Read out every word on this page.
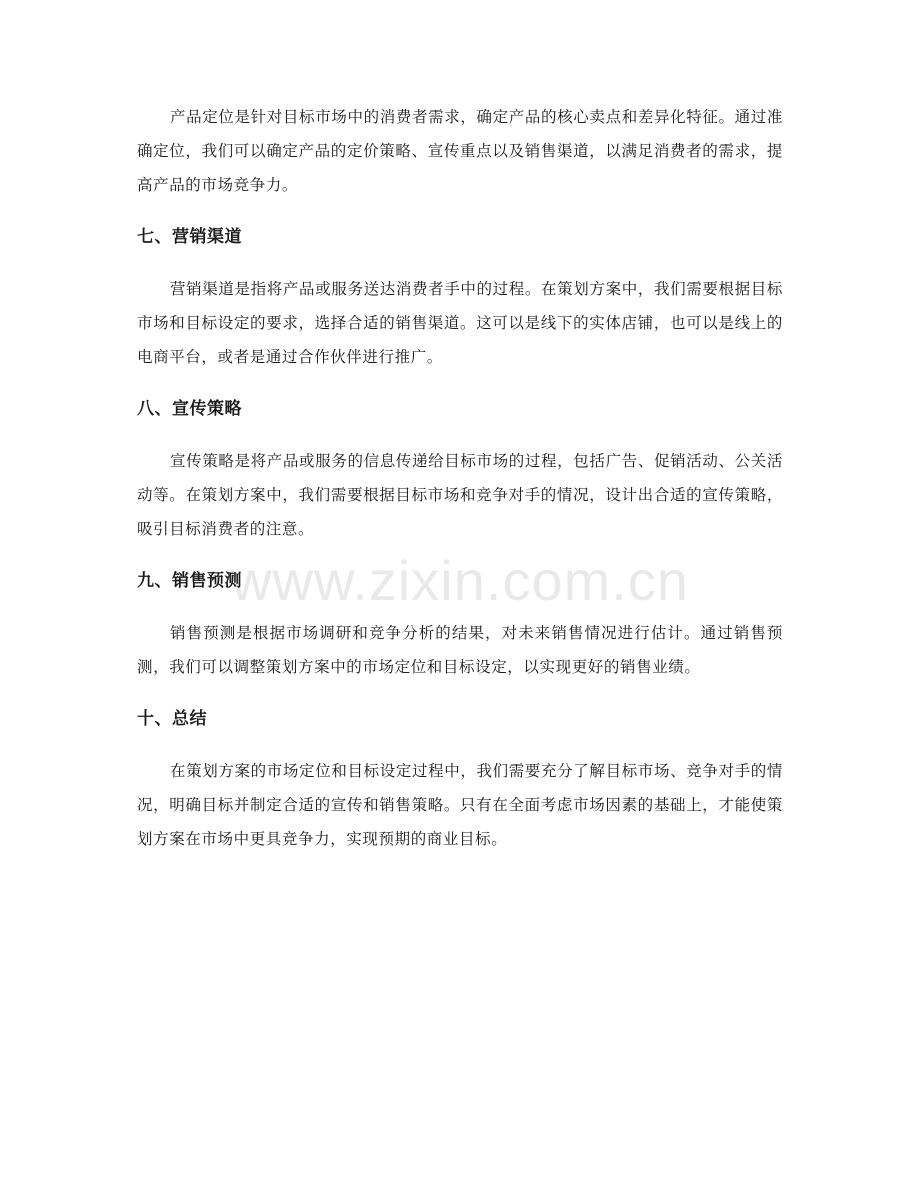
产品定位是针对目标市场中的消费者需求，确定产品的核心卖点和差异化特征。通过准确定位，我们可以确定产品的定价策略、宣传重点以及销售渠道，以满足消费者的需求，提高产品的市场竞争力。

七、营销渠道

营销渠道是指将产品或服务送达消费者手中的过程。在策划方案中，我们需要根据目标市场和目标设定的要求，选择合适的销售渠道。这可以是线下的实体店铺，也可以是线上的电商平台，或者是通过合作伙伴进行推广。

八、宣传策略

宣传策略是将产品或服务的信息传递给目标市场的过程，包括广告、促销活动、公关活动等。在策划方案中，我们需要根据目标市场和竞争对手的情况，设计出合适的宣传策略，吸引目标消费者的注意。

九、销售预测

销售预测是根据市场调研和竞争分析的结果，对未来销售情况进行估计。通过销售预测，我们可以调整策划方案中的市场定位和目标设定，以实现更好的销售业绩。

十、总结

在策划方案的市场定位和目标设定过程中，我们需要充分了解目标市场、竞争对手的情况，明确目标并制定合适的宣传和销售策略。只有在全面考虑市场因素的基础上，才能使策划方案在市场中更具竞争力，实现预期的商业目标。

www.zixin.com.cn
